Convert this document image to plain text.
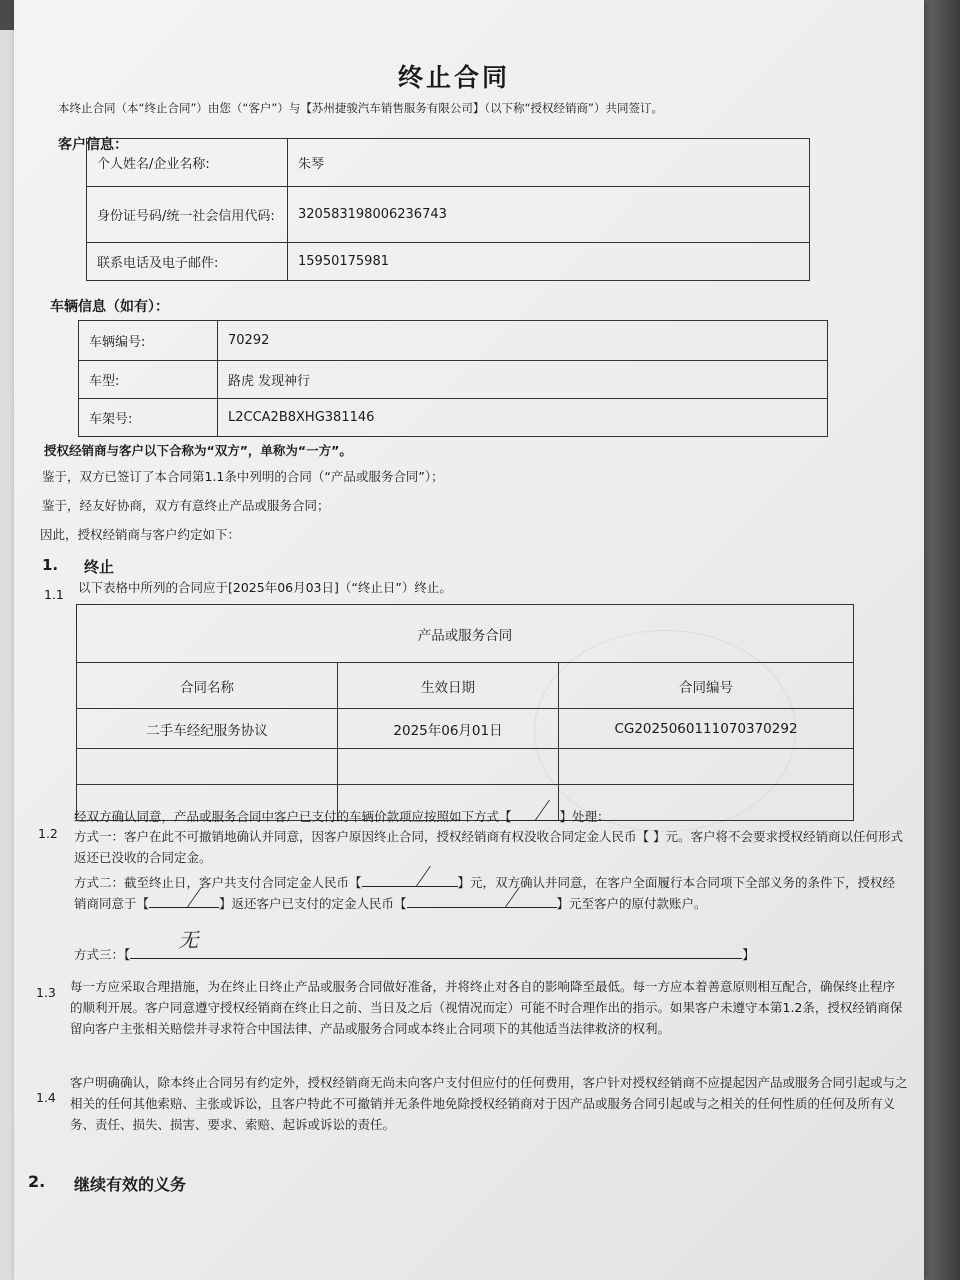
终止合同
本终止合同（本“终止合同”）由您（“客户”）与【苏州捷骏汽车销售服务有限公司】（以下称“授权经销商”）共同签订。
客户信息：
个人姓名/企业名称:	朱琴
身份证号码/统一社会信用代码:	320583198006236743
联系电话及电子邮件:	15950175981
车辆信息（如有）：
车辆编号:	70292
车型:	路虎 发现神行
车架号:	L2CCA2B8XHG381146
授权经销商与客户以下合称为“双方”，单称为“一方”。
鉴于，双方已签订了本合同第1.1条中列明的合同（“产品或服务合同”）；
鉴于，经友好协商，双方有意终止产品或服务合同；
因此，授权经销商与客户约定如下：
1. 终止
1.1 以下表格中所列的合同应于[2025年06月03日]（“终止日”）终止。
产品或服务合同		
合同名称	生效日期	合同编号
二手车经纪服务协议	2025年06月01日	CG2025060111070370292

1.2
经双方确认同意，产品或服务合同中客户已支付的车辆价款项应按照如下方式【	】处理：
方式一：客户在此不可撤销地确认并同意，因客户原因终止合同，授权经销商有权没收合同定金人民币【 】元。客户将不会要求授权经销商以任何形式返还已没收的合同定金。
方式二：截至终止日，客户共支付合同定金人民币【	】元，双方确认并同意，在客户全面履行本合同项下全部义务的条件下，授权经销商同意于【	】返还客户已支付的定金人民币【	】元至客户的原付款账户。
方式三：【
无
】
1.3 每一方应采取合理措施，为在终止日终止产品或服务合同做好准备，并将终止对各自的影响降至最低。每一方应本着善意原则相互配合，确保终止程序的顺利开展。客户同意遵守授权经销商在终止日之前、当日及之后（视情况而定）可能不时合理作出的指示。如果客户未遵守本第1.2条，授权经销商保留向客户主张相关赔偿并寻求符合中国法律、产品或服务合同或本终止合同项下的其他适当法律救济的权利。
1.4
客户明确确认，除本终止合同另有约定外，授权经销商无尚未向客户支付但应付的任何费用，客户针对授权经销商不应提起因产品或服务合同引起或与之相关的任何其他索赔、主张或诉讼，且客户特此不可撤销并无条件地免除授权经销商对于因产品或服务合同引起或与之相关的任何性质的任何及所有义务、责任、损失、损害、要求、索赔、起诉或诉讼的责任。
2. 继续有效的义务
